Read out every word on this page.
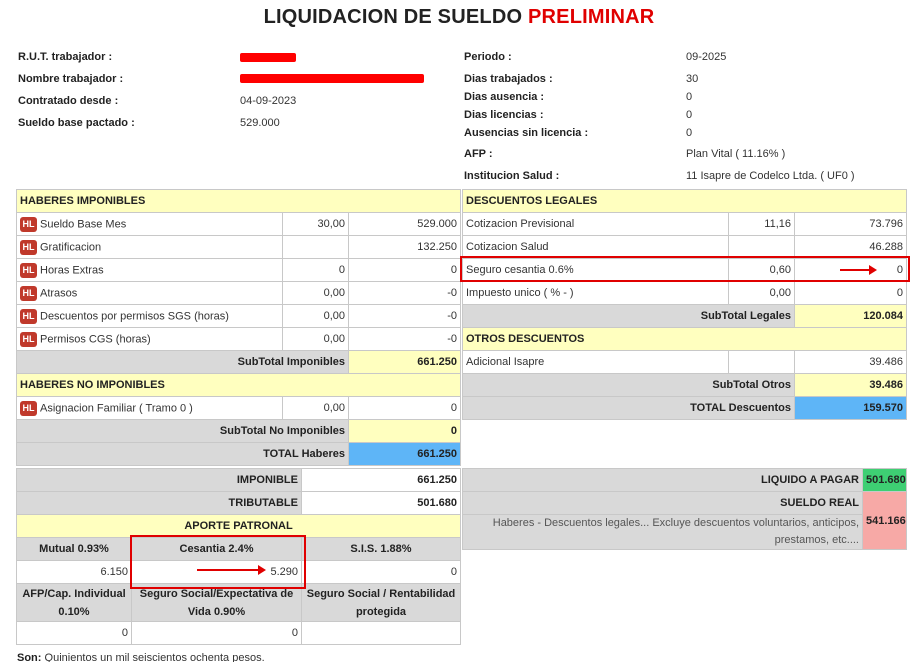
LIQUIDACION DE SUELDO PRELIMINAR
R.U.T. trabajador :
Nombre trabajador :
Contratado desde :	04-09-2023
Sueldo base pactado :	529.000
Periodo :	09-2025
Dias trabajados :	30
Dias ausencia :	0
Dias licencias :	0
Ausencias sin licencia :	0
AFP :	Plan Vital ( 11.16% )
Institucion Salud :	11 Isapre de Codelco Ltda. ( UF0 )
HABERES IMPONIBLES		
HL Sueldo Base Mes	30,00	529.000
HL Gratificacion		132.250
HL Horas Extras	0	0
HL Atrasos	0,00	-0
HL Descuentos por permisos SGS (horas)	0,00	-0
HL Permisos CGS (horas)	0,00	-0
SubTotal Imponibles		661.250
HABERES NO IMPONIBLES		
HL Asignacion Familiar ( Tramo 0 )	0,00	0
SubTotal No Imponibles		0
TOTAL Haberes		661.250
DESCUENTOS LEGALES		
Cotizacion Previsional	11,16	73.796
Cotizacion Salud		46.288
Seguro cesantia 0.6%	0,60	0
Impuesto unico ( % - )	0,00	0
SubTotal Legales		120.084
OTROS DESCUENTOS		
Adicional Isapre		39.486
SubTotal Otros		39.486
TOTAL Descuentos		159.570
IMPONIBLE		661.250
TRIBUTABLE		501.680
APORTE PATRONAL		
Mutual 0.93%	Cesantia 2.4%	S.I.S. 1.88%
6.150	5.290	0
AFP/Cap. Individual 0.10%	Seguro Social/Expectativa de Vida 0.90%	Seguro Social / Rentabilidad protegida
0	0	
LIQUIDO A PAGAR	501.680
SUELDO REAL	541.166
Haberes - Descuentos legales... Excluye descuentos voluntarios, anticipos, prestamos, etc....	
Son: Quinientos un mil seiscientos ochenta pesos.
